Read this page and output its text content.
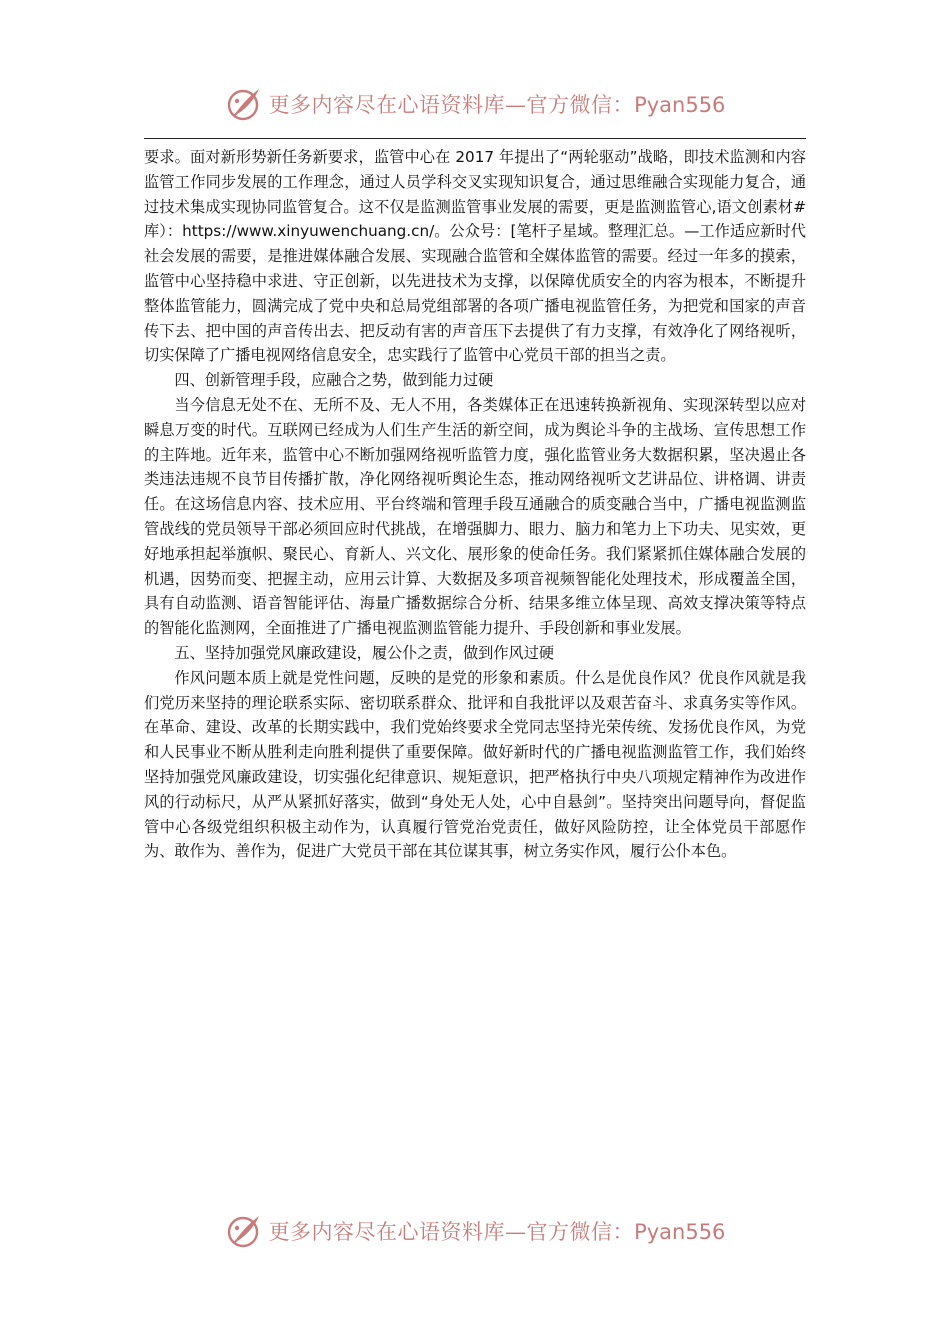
更多内容尽在心语资料库—官方微信：Pyan556

要求。面对新形势新任务新要求，监管中心在 2017 年提出了“两轮驱动”战略，即技术监测和内容监管工作同步发展的工作理念，通过人员学科交叉实现知识复合，通过思维融合实现能力复合，通过技术集成实现协同监管复合。这不仅是监测监管事业发展的需要，更是监测监管心,语文创素材#库）：https://www.xinyuwenchuang.cn/。公众号：[笔杆子星域。整理汇总。—工作适应新时代社会发展的需要，是推进媒体融合发展、实现融合监管和全媒体监管的需要。经过一年多的摸索，监管中心坚持稳中求进、守正创新，以先进技术为支撑，以保障优质安全的内容为根本，不断提升整体监管能力，圆满完成了党中央和总局党组部署的各项广播电视监管任务，为把党和国家的声音传下去、把中国的声音传出去、把反动有害的声音压下去提供了有力支撑，有效净化了网络视听，切实保障了广播电视网络信息安全，忠实践行了监管中心党员干部的担当之责。

四、创新管理手段，应融合之势，做到能力过硬

当今信息无处不在、无所不及、无人不用，各类媒体正在迅速转换新视角、实现深转型以应对瞬息万变的时代。互联网已经成为人们生产生活的新空间，成为舆论斗争的主战场、宣传思想工作的主阵地。近年来，监管中心不断加强网络视听监管力度，强化监管业务大数据积累，坚决遏止各类违法违规不良节目传播扩散，净化网络视听舆论生态，推动网络视听文艺讲品位、讲格调、讲责任。在这场信息内容、技术应用、平台终端和管理手段互通融合的质变融合当中，广播电视监测监管战线的党员领导干部必须回应时代挑战，在增强脚力、眼力、脑力和笔力上下功夫、见实效，更好地承担起举旗帜、聚民心、育新人、兴文化、展形象的使命任务。我们紧紧抓住媒体融合发展的机遇，因势而变、把握主动，应用云计算、大数据及多项音视频智能化处理技术，形成覆盖全国，具有自动监测、语音智能评估、海量广播数据综合分析、结果多维立体呈现、高效支撑决策等特点的智能化监测网，全面推进了广播电视监测监管能力提升、手段创新和事业发展。

五、坚持加强党风廉政建设，履公仆之责，做到作风过硬

作风问题本质上就是党性问题，反映的是党的形象和素质。什么是优良作风？优良作风就是我们党历来坚持的理论联系实际、密切联系群众、批评和自我批评以及艰苦奋斗、求真务实等作风。在革命、建设、改革的长期实践中，我们党始终要求全党同志坚持光荣传统、发扬优良作风，为党和人民事业不断从胜利走向胜利提供了重要保障。做好新时代的广播电视监测监管工作，我们始终坚持加强党风廉政建设，切实强化纪律意识、规矩意识，把严格执行中央八项规定精神作为改进作风的行动标尺，从严从紧抓好落实，做到“身处无人处，心中自悬剑”。坚持突出问题导向，督促监管中心各级党组织积极主动作为，认真履行管党治党责任，做好风险防控，让全体党员干部愿作为、敢作为、善作为，促进广大党员干部在其位谋其事，树立务实作风，履行公仆本色。

更多内容尽在心语资料库—官方微信：Pyan556
